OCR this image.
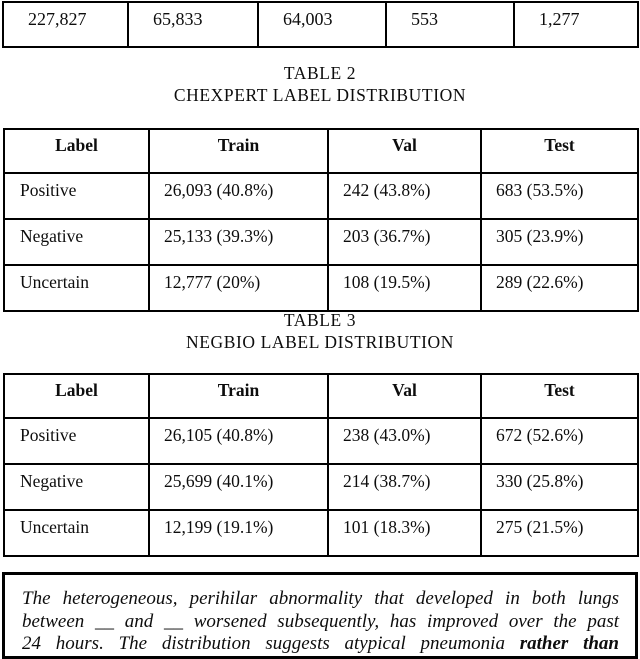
227,827	65,833	64,003	553	1,277
TABLE 2
CHEXPERT LABEL DISTRIBUTION
Label	Train	Val	Test
Positive	26,093 (40.8%)	242 (43.8%)	683 (53.5%)
Negative	25,133 (39.3%)	203 (36.7%)	305 (23.9%)
Uncertain	12,777 (20%)	108 (19.5%)	289 (22.6%)
TABLE 3
NEGBIO LABEL DISTRIBUTION
Label	Train	Val	Test
Positive	26,105 (40.8%)	238 (43.0%)	672 (52.6%)
Negative	25,699 (40.1%)	214 (38.7%)	330 (25.8%)
Uncertain	12,199 (19.1%)	101 (18.3%)	275 (21.5%)
The heterogeneous, perihilar abnormality that developed in both lungs
between __ and __ worsened subsequently, has improved over the past
24 hours. The distribution suggests atypical pneumonia rather than
